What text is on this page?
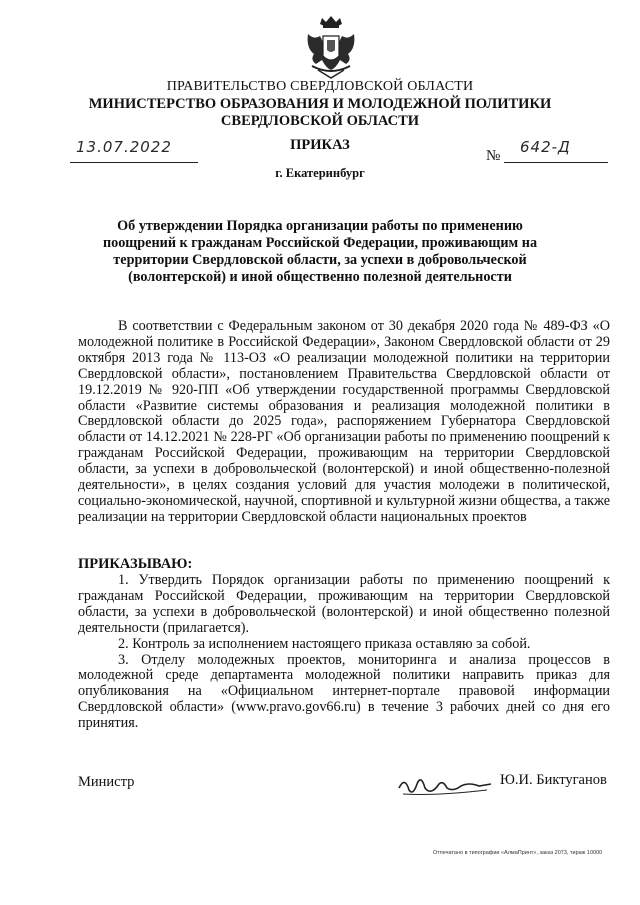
ПРАВИТЕЛЬСТВО СВЕРДЛОВСКОЙ ОБЛАСТИ
МИНИСТЕРСТВО ОБРАЗОВАНИЯ И МОЛОДЕЖНОЙ ПОЛИТИКИ
СВЕРДЛОВСКОЙ ОБЛАСТИ
ПРИКАЗ
13.07.2022	№ 642-Д
г. Екатеринбург
Об утверждении Порядка организации работы по применению поощрений к гражданам Российской Федерации, проживающим на территории Свердловской области, за успехи в добровольческой (волонтерской) и иной общественно полезной деятельности
В соответствии с Федеральным законом от 30 декабря 2020 года № 489-ФЗ «О молодежной политике в Российской Федерации», Законом Свердловской области от 29 октября 2013 года № 113-ОЗ «О реализации молодежной политики на территории Свердловской области», постановлением Правительства Свердловской области от 19.12.2019 № 920-ПП «Об утверждении государственной программы Свердловской области «Развитие системы образования и реализация молодежной политики в Свердловской области до 2025 года», распоряжением Губернатора Свердловской области от 14.12.2021 № 228-РГ «Об организации работы по применению поощрений к гражданам Российской Федерации, проживающим на территории Свердловской области, за успехи в добровольческой (волонтерской) и иной общественно-полезной деятельности», в целях создания условий для участия молодежи в политической, социально-экономической, научной, спортивной и культурной жизни общества, а также реализации на территории Свердловской области национальных проектов
ПРИКАЗЫВАЮ:

1. Утвердить Порядок организации работы по применению поощрений к гражданам Российской Федерации, проживающим на территории Свердловской области, за успехи в добровольческой (волонтерской) и иной общественно полезной деятельности (прилагается).

2. Контроль за исполнением настоящего приказа оставляю за собой.

3. Отделу молодежных проектов, мониторинга и анализа процессов в молодежной среде департамента молодежной политики направить приказ для опубликования на «Официальном интернет-портале правовой информации Свердловской области» (www.pravo.gov66.ru) в течение 3 рабочих дней со дня его принятия.

Министр	Ю.И. Биктуганов
Отпечатано в типографии «АлмаПринт», заказ 2073, тираж 10000
